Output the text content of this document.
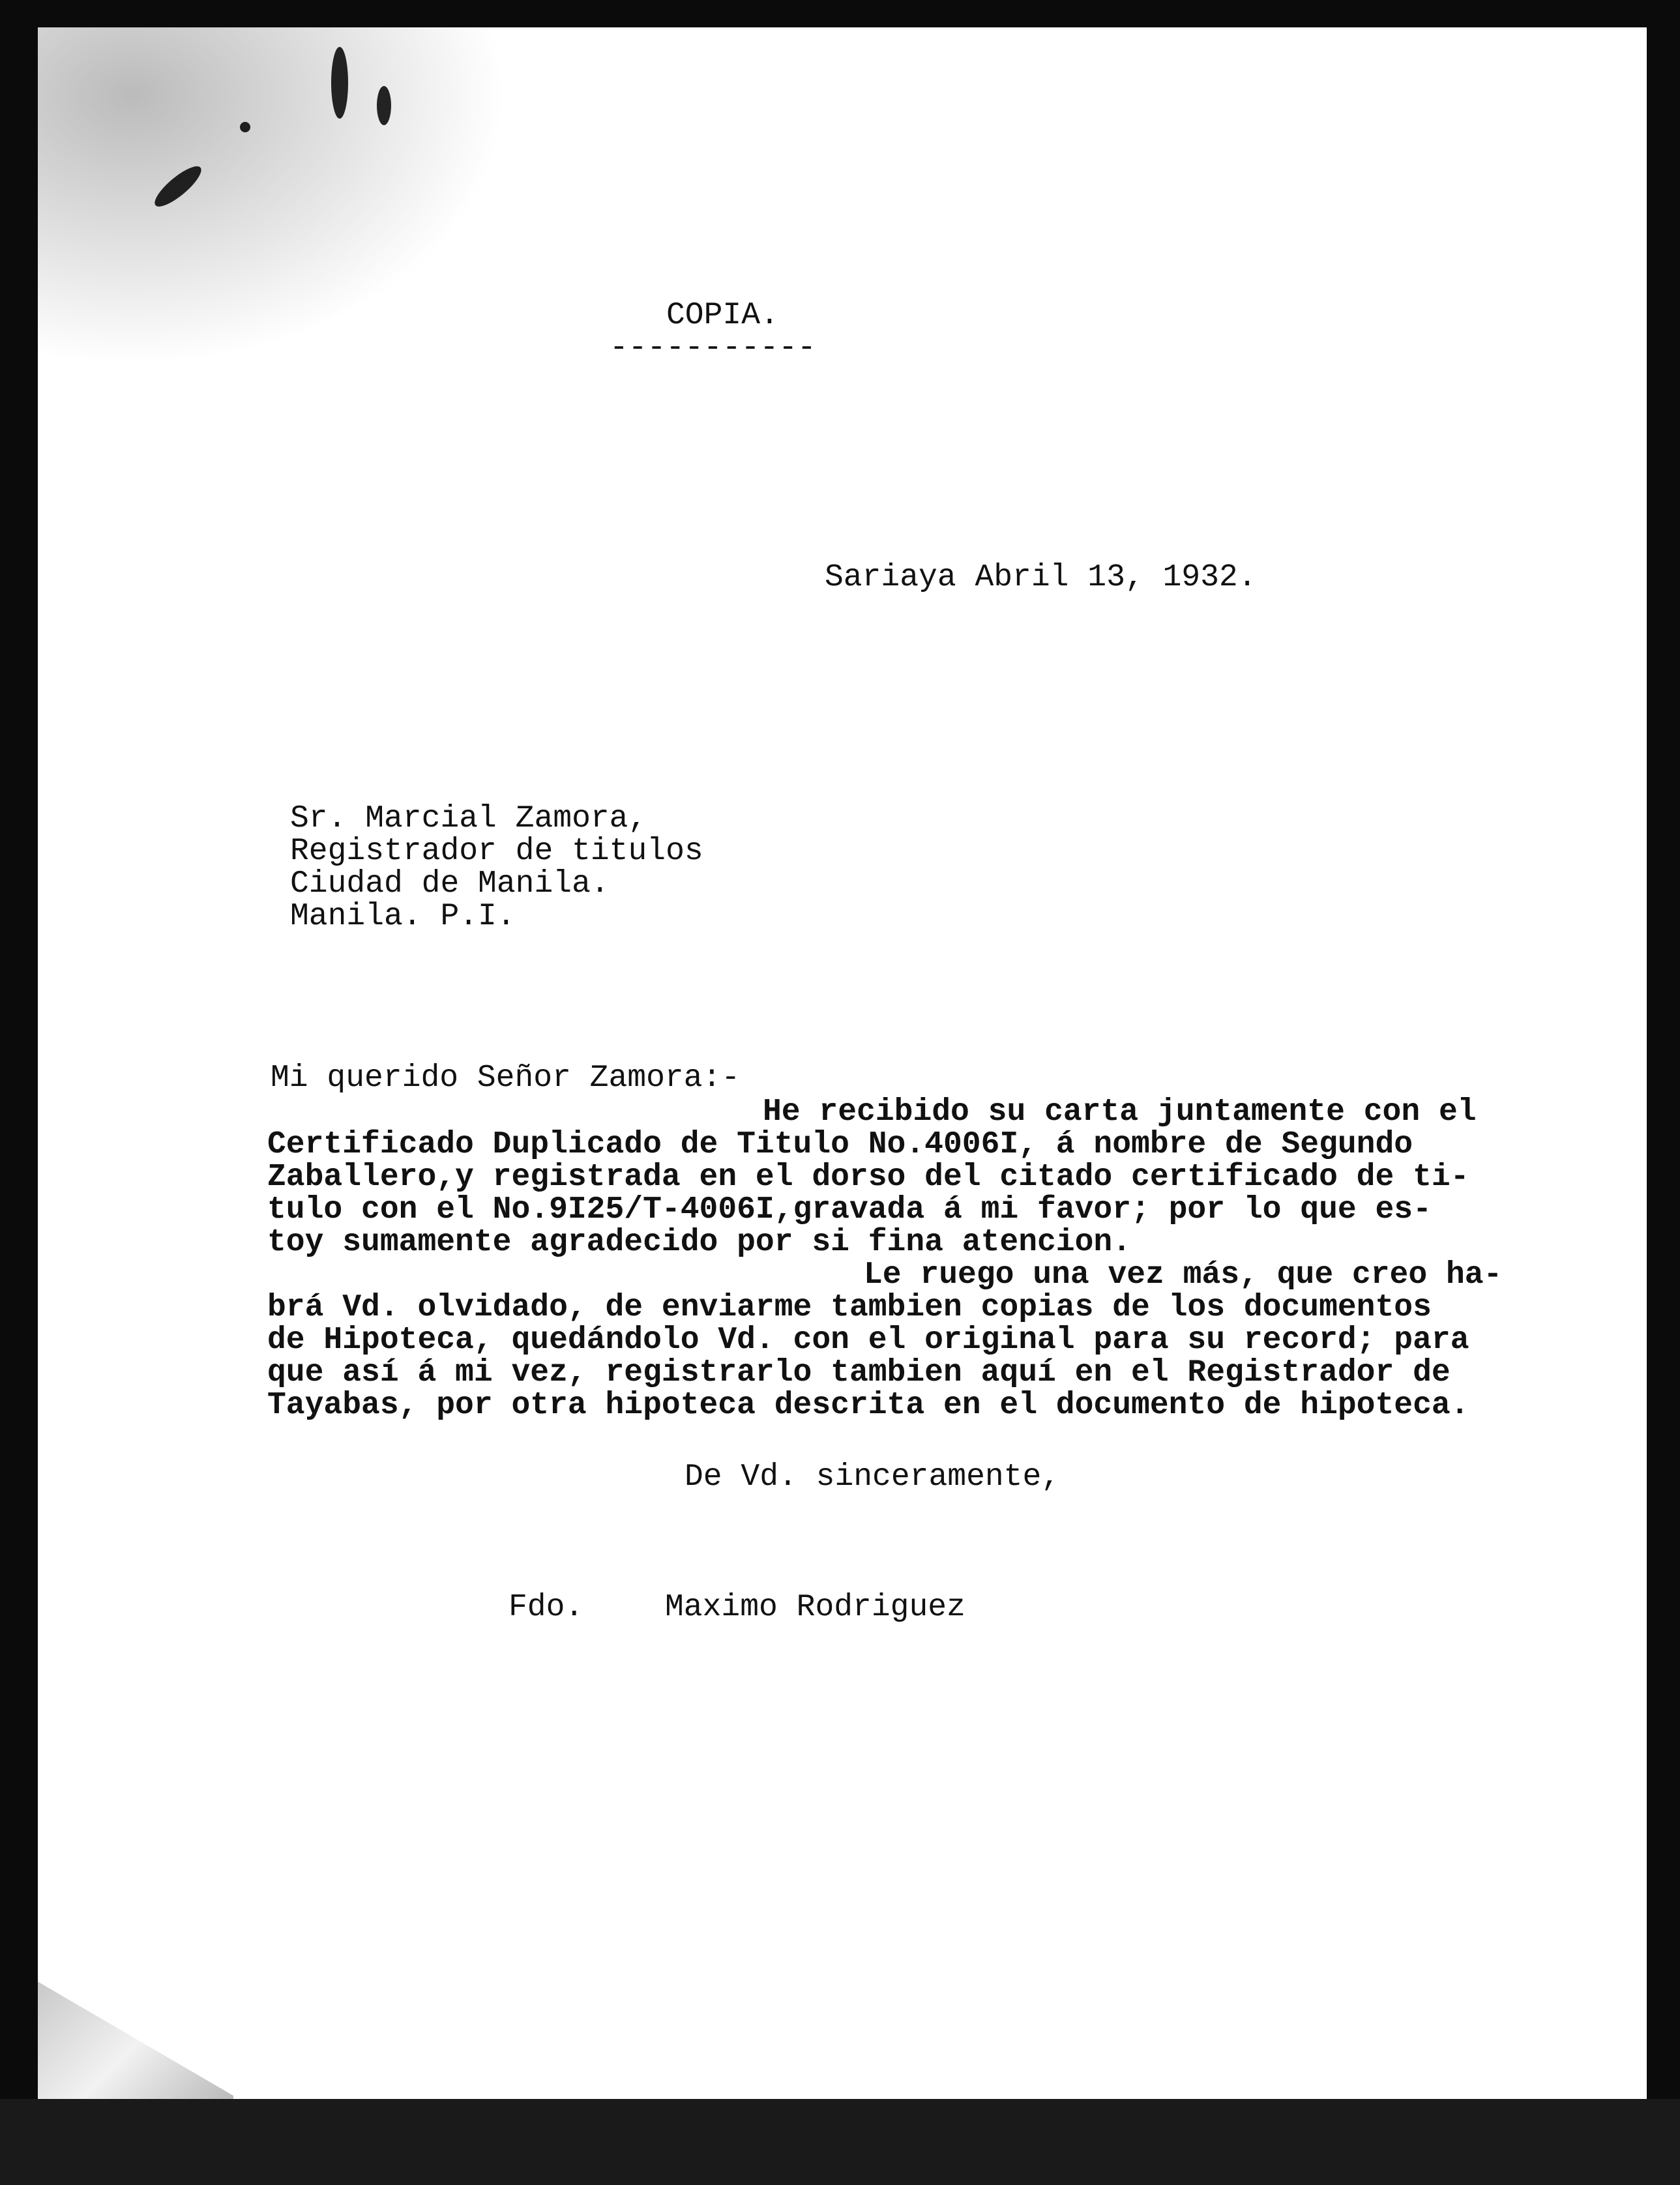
COPIA.

-----------

Sariaya Abril 13, 1932.

Sr. Marcial Zamora,

Registrador de titulos

Ciudad de Manila.

Manila. P.I.

Mi querido Señor Zamora:-

He recibido su carta juntamente con el

Certificado Duplicado de Titulo No.4006I, á nombre de Segundo

Zaballero,y registrada en el dorso del citado certificado de ti-

tulo con el No.9I25/T-4006I,gravada á mi favor; por lo que es-

toy sumamente agradecido por si fina atencion.

Le ruego una vez más, que creo ha-

brá Vd. olvidado, de enviarme tambien copias de los documentos

de Hipoteca, quedándolo Vd. con el original para su record; para

que así á mi vez, registrarlo tambien aquí en el Registrador de

Tayabas, por otra hipoteca descrita en el documento de hipoteca.

De Vd. sinceramente,

Fdo.	Maximo Rodriguez
